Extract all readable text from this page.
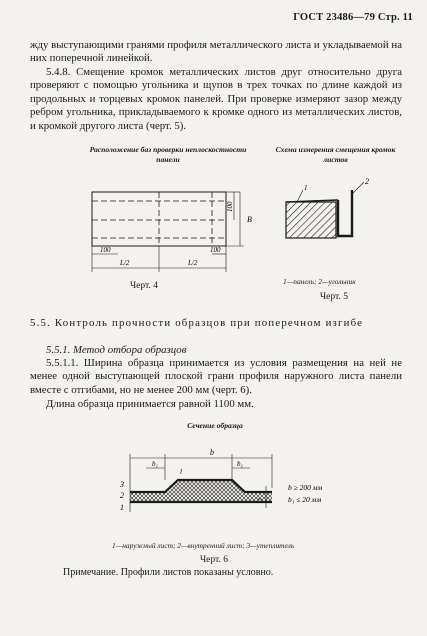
ГОСТ 23486—79 Стр. 11
жду выступающими гранями профиля металлического листа и укладываемой на них поперечной линейкой.
5.4.8. Смещение кромок металлических листов друг относительно друга проверяют с помощью угольника и щупов в трех точках по длине каждой из продольных и торцевых кромок панелей. При проверке измеряют зазор между ребром угольника, прикладываемого к кромке одного из металлических листов, и кромкой другого листа (черт. 5).
Расположение баз проверки неплоскостности панели
100	100
L/2	L/2
100
B
Черт. 4
Схема измерения смещения кромок листов
1
2
1—панель; 2—угольник
Черт. 5
5.5. Контроль прочности образцов при поперечном изгибе
5.5.1. Метод отбора образцов
5.5.1.1. Ширина образца принимается из условия размещения на ней не менее одной выступающей плоской грани профиля наружного листа панели вместе с отгибами, но не менее 200 мм (черт. 6).
Длина образца принимается равной 1100 мм.
Сечение образца
b
b₁	b₁
l
l
3
2
1
b ≥ 200 мм
b₁ ≤ 20 мм
1—наружный лист; 2—внутренний лист; 3—утеплитель
Черт. 6
Примечание. Профили листов показаны условно.
